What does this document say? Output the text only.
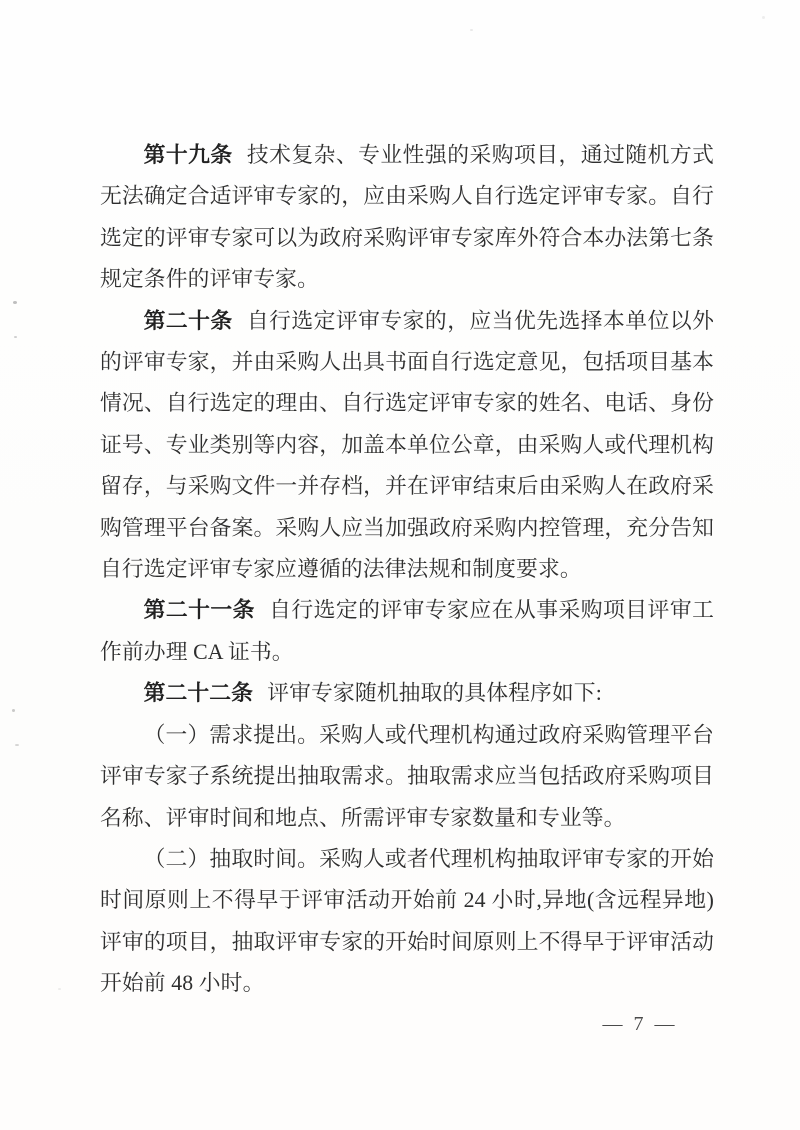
第十九条 技术复杂、专业性强的采购项目，通过随机方式无法确定合适评审专家的，应由采购人自行选定评审专家。自行选定的评审专家可以为政府采购评审专家库外符合本办法第七条规定条件的评审专家。

第二十条 自行选定评审专家的，应当优先选择本单位以外的评审专家，并由采购人出具书面自行选定意见，包括项目基本情况、自行选定的理由、自行选定评审专家的姓名、电话、身份证号、专业类别等内容，加盖本单位公章，由采购人或代理机构留存，与采购文件一并存档，并在评审结束后由采购人在政府采购管理平台备案。采购人应当加强政府采购内控管理，充分告知自行选定评审专家应遵循的法律法规和制度要求。

第二十一条 自行选定的评审专家应在从事采购项目评审工作前办理 CA 证书。

第二十二条 评审专家随机抽取的具体程序如下:

（一）需求提出。采购人或代理机构通过政府采购管理平台评审专家子系统提出抽取需求。抽取需求应当包括政府采购项目名称、评审时间和地点、所需评审专家数量和专业等。

（二）抽取时间。采购人或者代理机构抽取评审专家的开始时间原则上不得早于评审活动开始前 24 小时,异地(含远程异地)评审的项目，抽取评审专家的开始时间原则上不得早于评审活动开始前 48 小时。

— 7 —
